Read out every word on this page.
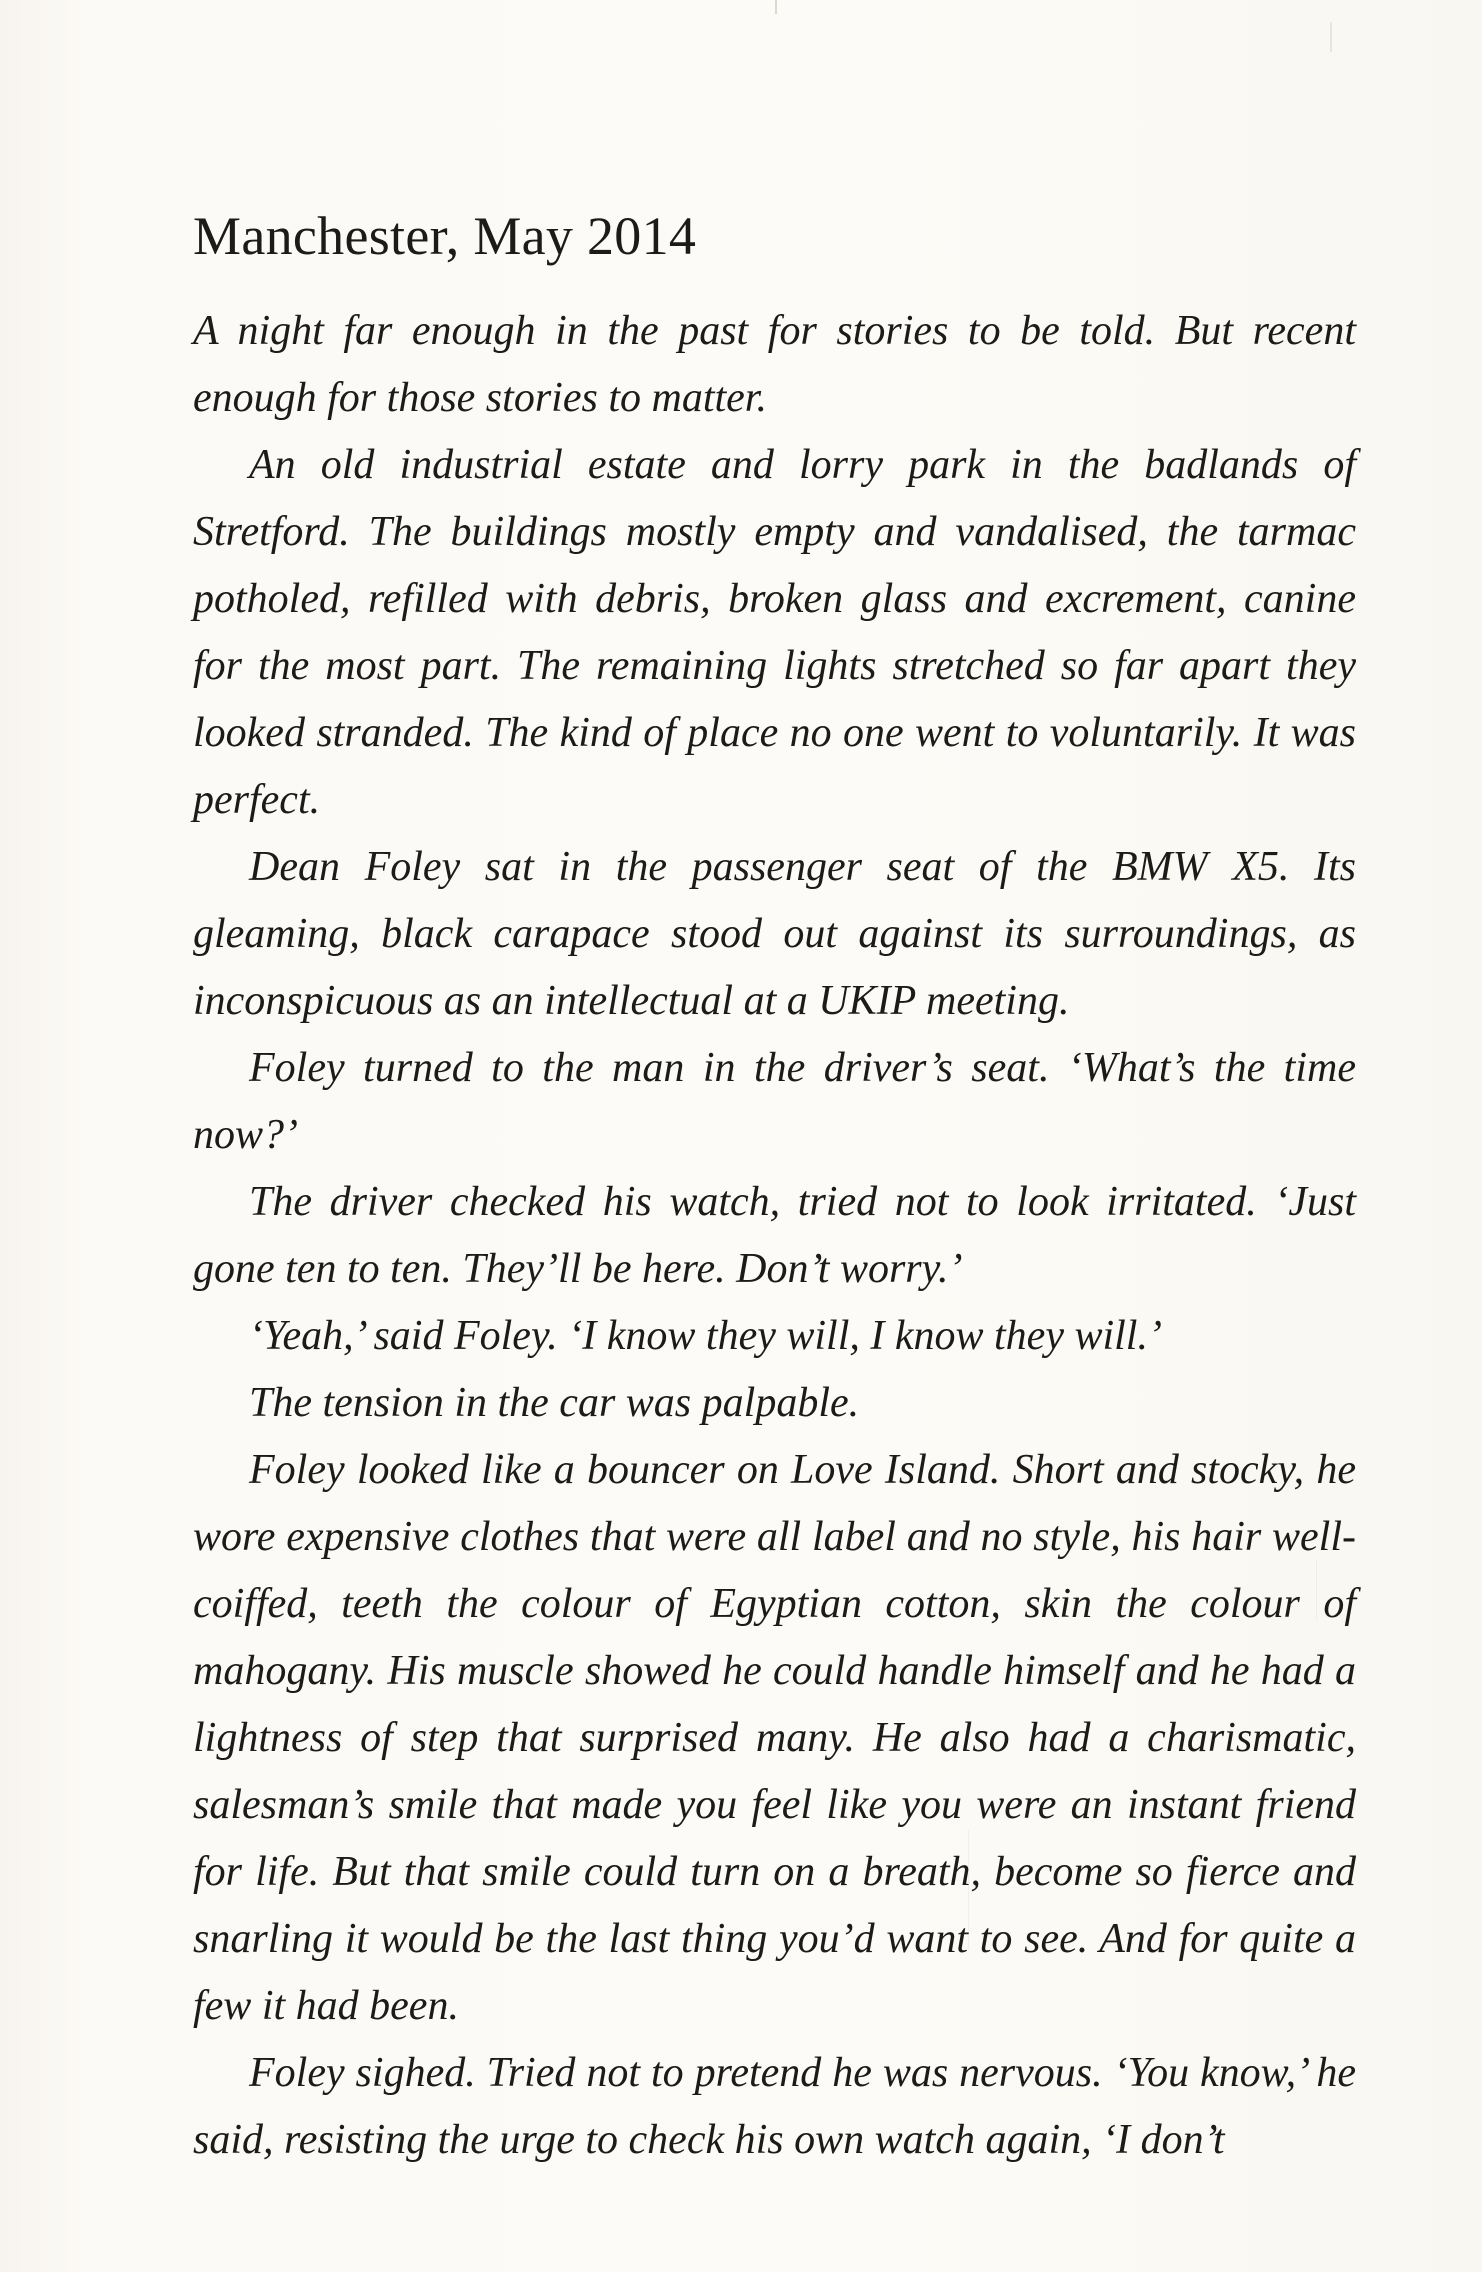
Manchester, May 2014

A night far enough in the past for stories to be told. But recent enough for those stories to matter.

An old industrial estate and lorry park in the badlands of Stretford. The buildings mostly empty and vandalised, the tarmac potholed, refilled with debris, broken glass and excrement, canine for the most part. The remaining lights stretched so far apart they looked stranded. The kind of place no one went to voluntarily. It was perfect.

Dean Foley sat in the passenger seat of the BMW X5. Its gleaming, black carapace stood out against its surroundings, as inconspicuous as an intellectual at a UKIP meeting.

Foley turned to the man in the driver’s seat. ‘What’s the time now?’

The driver checked his watch, tried not to look irritated. ‘Just gone ten to ten. They’ll be here. Don’t worry.’

‘Yeah,’ said Foley. ‘I know they will, I know they will.’

The tension in the car was palpable.

Foley looked like a bouncer on Love Island. Short and stocky, he wore expensive clothes that were all label and no style, his hair well-coiffed, teeth the colour of Egyptian cotton, skin the colour of mahogany. His muscle showed he could handle himself and he had a lightness of step that surprised many. He also had a charismatic, salesman’s smile that made you feel like you were an instant friend for life. But that smile could turn on a breath, become so fierce and snarling it would be the last thing you’d want to see. And for quite a few it had been.

Foley sighed. Tried not to pretend he was nervous. ‘You know,’ he said, resisting the urge to check his own watch again, ‘I don’t
